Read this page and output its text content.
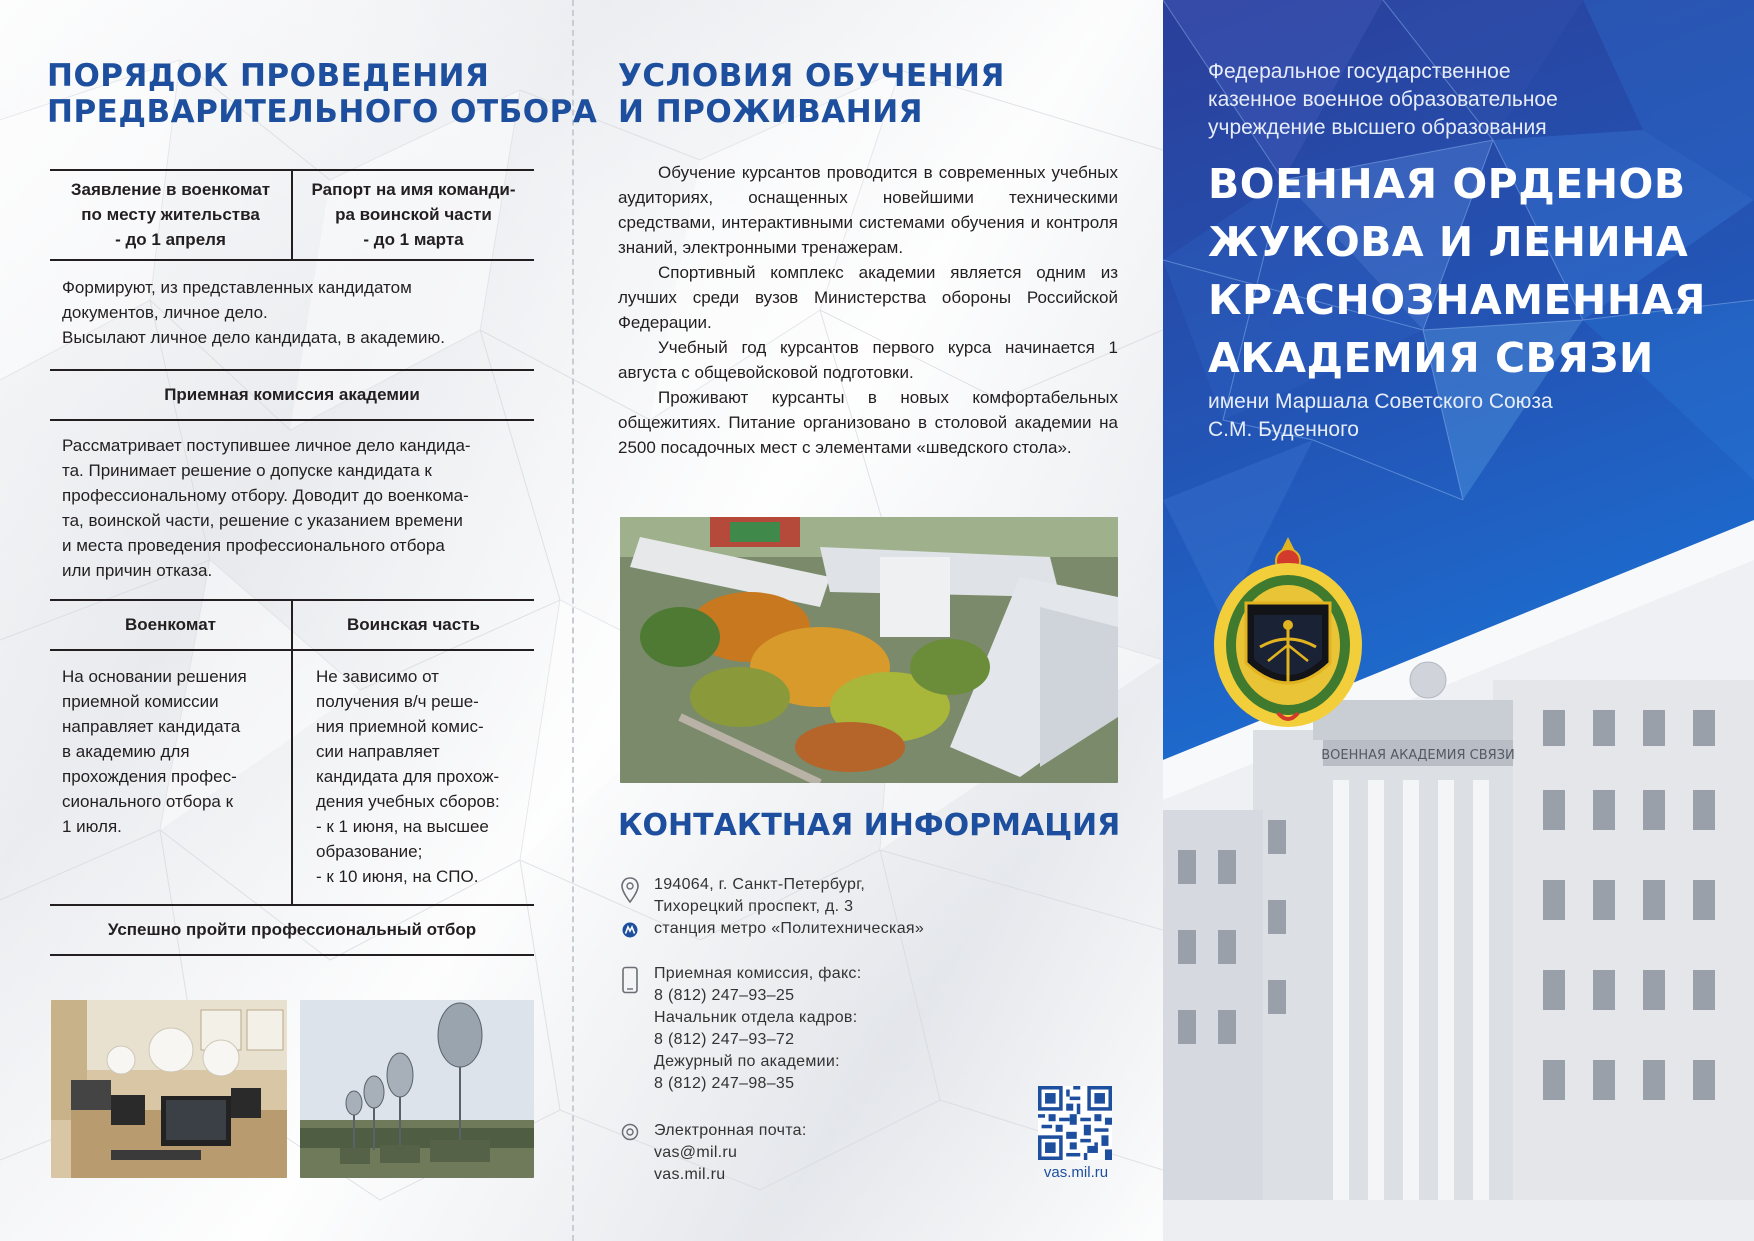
ПОРЯДОК ПРОВЕДЕНИЯ
ПРЕДВАРИТЕЛЬНОГО ОТБОРА
Заявление в военкомат
по месту жительства
- до 1 апреля
Рапорт на имя команди-
ра воинской части
- до 1 марта
Формируют, из представленных кандидатом
документов, личное дело.
Высылают личное дело кандидата, в академию.
Приемная комиссия академии
Рассматривает поступившее личное дело кандида-
та. Принимает решение о допуске кандидата к
профессиональному отбору. Доводит до военкома-
та, воинской части, решение с указанием времени
и места проведения профессионального отбора
или причин отказа.
Военкомат	Воинская часть
На основании решения
приемной комиссии
направляет кандидата
в академию для
прохождения профес-
сионального отбора к
1 июля.
Не зависимо от
получения в/ч реше-
ния приемной комис-
сии направляет
кандидата для прохож-
дения учебных сборов:
- к 1 июня, на высшее
образование;
- к 10 июня, на СПО.
Успешно пройти профессиональный отбор
УСЛОВИЯ ОБУЧЕНИЯ
И ПРОЖИВАНИЯ

Обучение курсантов проводится в современных учебных аудиториях, оснащенных новейшими техническими средствами, интерактивными системами обучения и контроля знаний, электронными тренажерам.

Спортивный комплекс академии является одним из лучших среди вузов Министерства обороны Российской Федерации.

Учебный год курсантов первого курса начинается 1 августа с общевойсковой подготовки.

Проживают курсанты в новых комфортабельных общежитиях. Питание организовано в столовой академии на 2500 посадочных мест с элементами «шведского стола».

КОНТАКТНАЯ ИНФОРМАЦИЯ
194064, г. Санкт-Петербург,
Тихорецкий проспект, д. 3
станция метро «Политехническая»
Приемная комиссия, факс:
8 (812) 247–93–25
Начальник отдела кадров:
8 (812) 247–93–72
Дежурный по академии:
8 (812) 247–98–35
Электронная почта:
vas@mil.ru
vas.mil.ru	vas.mil.ru
Федеральное государственное
казенное военное образовательное
учреждение высшего образования
ВОЕННАЯ ОРДЕНОВ
ЖУКОВА И ЛЕНИНА
КРАСНОЗНАМЕННАЯ
АКАДЕМИЯ СВЯЗИ
имени Маршала Советского Союза
С.М. Буденного
ВОЕННАЯ АКАДЕМИЯ СВЯЗИ
